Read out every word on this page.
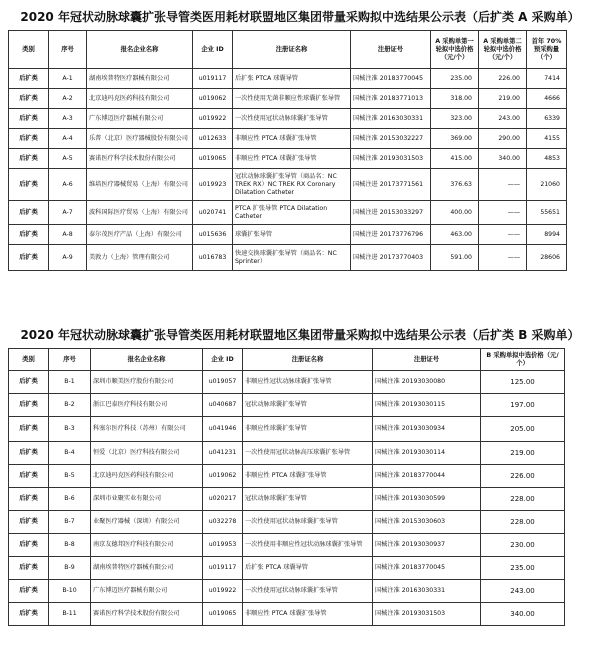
2020 年冠状动脉球囊扩张导管类医用耗材联盟地区集团带量采购拟中选结果公示表（后扩类 A 采购单）
类别	序号	报名企业名称	企业 ID	注册证名称	注册证号	A 采购单第一轮拟中选价格（元/个）	A 采购单第二轮拟中选价格（元/个）	首年 70%预采购量（个）
后扩类	A-1	湖南埃普特医疗器械有限公司	u019117	后扩张 PTCA 球囊导管	国械注准 20183770045	235.00	226.00	7414
后扩类	A-2	北京迪玛克医药科技有限公司	u019062	一次性使用无菌非顺应性球囊扩张导管	国械注准 20183771013	318.00	219.00	4666
后扩类	A-3	广东博迈医疗器械有限公司	u019922	一次性使用冠状动脉球囊扩张导管	国械注准 20163030331	323.00	243.00	6339
后扩类	A-4	乐普（北京）医疗器械股份有限公司	u012633	非顺应性 PTCA 球囊扩张导管	国械注准 20153032227	369.00	290.00	4155
后扩类	A-5	赛诺医疗科学技术股份有限公司	u019065	非顺应性 PTCA 球囊扩张导管	国械注准 20193031503	415.00	340.00	4853
后扩类	A-6	维培医疗器械贸易（上海）有限公司	u019923	冠状动脉球囊扩张导管（商品名：NC TREK RX）NC TREK RX Coronary Dilatation Catheter	国械注进 20173771561	376.63	——	21060
后扩类	A-7	波科国际医疗贸易（上海）有限公司	u020741	PTCA 扩张导管 PTCA Dilatation Catheter	国械注进 20153033297	400.00	——	55651
后扩类	A-8	泰尔茂医疗产品（上海）有限公司	u015636	球囊扩张导管	国械注进 20173776796	463.00	——	8994
后扩类	A-9	美敦力（上海）管理有限公司	u016783	快速交换球囊扩张导管（商品名：NC Sprinter）	国械注进 20173770403	591.00	——	28606
2020 年冠状动脉球囊扩张导管类医用耗材联盟地区集团带量采购拟中选结果公示表（后扩类 B 采购单）
类别	序号	报名企业名称	企业 ID	注册证名称	注册证号	B 采购单拟中选价格（元/个）
后扩类	B-1	深圳市顺美医疗股份有限公司	u019057	非顺应性冠状动脉球囊扩张导管	国械注准 20193030080	125.00
后扩类	B-2	浙江巴泰医疗科技有限公司	u040687	冠状动脉球囊扩张导管	国械注准 20193030115	197.00
后扩类	B-3	科塞尔医疗科技（苏州）有限公司	u041946	非顺应性球囊扩张导管	国械注准 20193030934	205.00
后扩类	B-4	恒爱（北京）医疗科技有限公司	u041231	一次性使用冠状动脉高压球囊扩张导管	国械注准 20193030114	219.00
后扩类	B-5	北京迪玛克医药科技有限公司	u019062	非顺应性 PTCA 球囊扩张导管	国械注准 20183770044	226.00
后扩类	B-6	深圳市业聚实业有限公司	u020217	冠状动脉球囊扩张导管	国械注准 20193030599	228.00
后扩类	B-7	业聚医疗器械（深圳）有限公司	u032278	一次性使用冠状动脉球囊扩张导管	国械注准 20153030603	228.00
后扩类	B-8	南京友德邦医疗科技有限公司	u019953	一次性使用非顺应性冠状动脉球囊扩张导管	国械注准 20193030937	230.00
后扩类	B-9	湖南埃普特医疗器械有限公司	u019117	后扩张 PTCA 球囊导管	国械注准 20183770045	235.00
后扩类	B-10	广东博迈医疗器械有限公司	u019922	一次性使用冠状动脉球囊扩张导管	国械注准 20163030331	243.00
后扩类	B-11	赛诺医疗科学技术股份有限公司	u019065	非顺应性 PTCA 球囊扩张导管	国械注准 20193031503	340.00
